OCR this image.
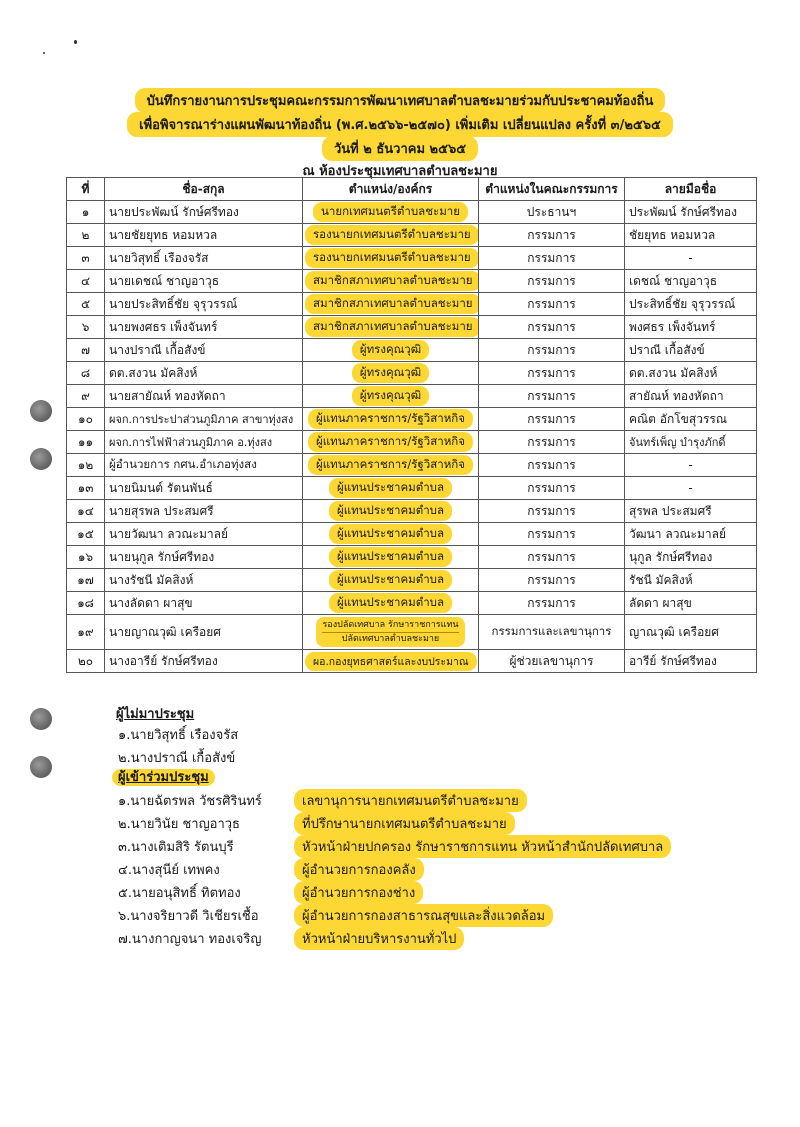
บันทึกรายงานการประชุมคณะกรรมการพัฒนาเทศบาลตำบลชะมายร่วมกับประชาคมท้องถิ่น
เพื่อพิจารณาร่างแผนพัฒนาท้องถิ่น (พ.ศ.๒๕๖๖-๒๕๗๐) เพิ่มเติม เปลี่ยนแปลง ครั้งที่ ๓/๒๕๖๕
วันที่ ๒ ธันวาคม ๒๕๖๕
ณ ห้องประชุมเทศบาลตำบลชะมาย
ที่	ชื่อ-สกุล	ตำแหน่ง/องค์กร	ตำแหน่งในคณะกรรมการ	ลายมือชื่อ
๑	นายประพัฒน์ รักษ์ศรีทอง	นายกเทศมนตรีตำบลชะมาย	ประธานฯ	ประพัฒน์ รักษ์ศรีทอง
๒	นายชัยยุทธ หอมหวล	รองนายกเทศมนตรีตำบลชะมาย	กรรมการ	ชัยยุทธ หอมหวล
๓	นายวิสุทธิ์ เรืองจรัส	รองนายกเทศมนตรีตำบลชะมาย	กรรมการ	-
๔	นายเดชณ์ ชาญอาวุธ	สมาชิกสภาเทศบาลตำบลชะมาย	กรรมการ	เดชณ์ ชาญอาวุธ
๕	นายประสิทธิ์ชัย จุรุวรรณ์	สมาชิกสภาเทศบาลตำบลชะมาย	กรรมการ	ประสิทธิ์ชัย จุรุวรรณ์
๖	นายพงศธร เพ็งจันทร์	สมาชิกสภาเทศบาลตำบลชะมาย	กรรมการ	พงศธร เพ็งจันทร์
๗	นางปราณี เกื้อสังข์	ผู้ทรงคุณวุฒิ	กรรมการ	ปราณี เกื้อสังข์
๘	ดต.สงวน มัคสิงห์	ผู้ทรงคุณวุฒิ	กรรมการ	ดต.สงวน มัคสิงห์
๙	นายสายัณห์ ทองหัดถา	ผู้ทรงคุณวุฒิ	กรรมการ	สายัณห์ ทองหัดถา
๑๐	ผจก.การประปาส่วนภูมิภาค สาขาทุ่งสง	ผู้แทนภาคราชการ/รัฐวิสาหกิจ	กรรมการ	คณิต อักโขสุวรรณ
๑๑	ผจก.การไฟฟ้าส่วนภูมิภาค อ.ทุ่งสง	ผู้แทนภาคราชการ/รัฐวิสาหกิจ	กรรมการ	จันทร์เพ็ญ บำรุงภักดิ์
๑๒	ผู้อำนวยการ กศน.อำเภอทุ่งสง	ผู้แทนภาคราชการ/รัฐวิสาหกิจ	กรรมการ	-
๑๓	นายนิมนต์ รัตนพันธ์	ผู้แทนประชาคมตำบล	กรรมการ	-
๑๔	นายสุรพล ประสมศรี	ผู้แทนประชาคมตำบล	กรรมการ	สุรพล ประสมศรี
๑๕	นายวัฒนา ลวณะมาลย์	ผู้แทนประชาคมตำบล	กรรมการ	วัฒนา ลวณะมาลย์
๑๖	นายนุกูล รักษ์ศรีทอง	ผู้แทนประชาคมตำบล	กรรมการ	นุกูล รักษ์ศรีทอง
๑๗	นางรัชนี มัคสิงห์	ผู้แทนประชาคมตำบล	กรรมการ	รัชนี มัคสิงห์
๑๘	นางลัดดา ผาสุข	ผู้แทนประชาคมตำบล	กรรมการ	ลัดดา ผาสุข
๑๙	นายญาณวุฒิ เครือยศ	รองปลัดเทศบาล รักษาราชการแทน
ปลัดเทศบาลตำบลชะมาย	กรรมการและเลขานุการ	ญาณวุฒิ เครือยศ
๒๐	นางอารีย์ รักษ์ศรีทอง	ผอ.กองยุทธศาสตร์และงบประมาณ	ผู้ช่วยเลขานุการ	อารีย์ รักษ์ศรีทอง
ผู้ไม่มาประชุม
๑.นายวิสุทธิ์ เรืองจรัส
๒.นางปราณี เกื้อสังข์
ผู้เข้าร่วมประชุม
๑.นายฉัตรพล วัชรศิรินทร์	เลขานุการนายกเทศมนตรีตำบลชะมาย
๒.นายวินัย ชาญอาวุธ	ที่ปรึกษานายกเทศมนตรีตำบลชะมาย
๓.นางเติมสิริ รัตนบุรี	หัวหน้าฝ่ายปกครอง รักษาราชการแทน หัวหน้าสำนักปลัดเทศบาล
๔.นางสุนีย์ เทพคง	ผู้อำนวยการกองคลัง
๕.นายอนุสิทธิ์ ทิตทอง	ผู้อำนวยการกองช่าง
๖.นางจริยาวดี วิเชียรเชื้อ	ผู้อำนวยการกองสาธารณสุขและสิ่งแวดล้อม
๗.นางกาญจนา ทองเจริญ	หัวหน้าฝ่ายบริหารงานทั่วไป
